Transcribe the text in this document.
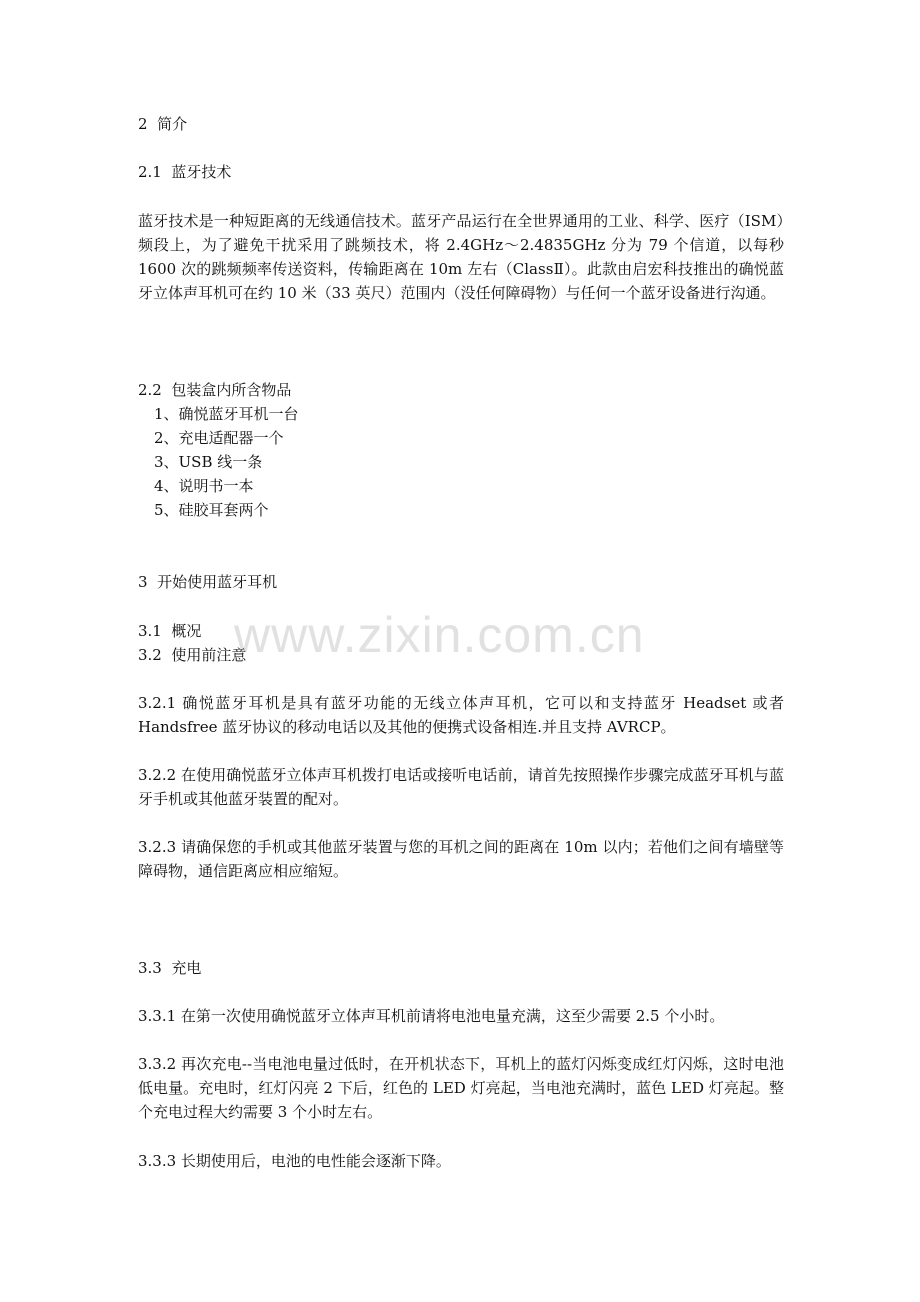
2  简介
2.1  蓝牙技术
蓝牙技术是一种短距离的无线通信技术。蓝牙产品运行在全世界通用的工业、科学、医疗（ISM）频段上，为了避免干扰采用了跳频技术，将 2.4GHz～2.4835GHz 分为 79 个信道，以每秒 1600 次的跳频频率传送资料，传输距离在 10m 左右（ClassⅡ）。此款由启宏科技推出的确悦蓝牙立体声耳机可在约 10 米（33 英尺）范围内（没任何障碍物）与任何一个蓝牙设备进行沟通。
2.2  包装盒内所含物品
1、确悦蓝牙耳机一台
2、充电适配器一个
3、USB 线一条
4、说明书一本
5、硅胶耳套两个
3  开始使用蓝牙耳机
3.1  概况
3.2  使用前注意
3.2.1 确悦蓝牙耳机是具有蓝牙功能的无线立体声耳机，它可以和支持蓝牙 Headset 或者 Handsfree 蓝牙协议的移动电话以及其他的便携式设备相连.并且支持 AVRCP。
3.2.2 在使用确悦蓝牙立体声耳机拨打电话或接听电话前，请首先按照操作步骤完成蓝牙耳机与蓝牙手机或其他蓝牙装置的配对。
3.2.3 请确保您的手机或其他蓝牙装置与您的耳机之间的距离在 10m 以内；若他们之间有墙壁等障碍物，通信距离应相应缩短。
3.3  充电
3.3.1 在第一次使用确悦蓝牙立体声耳机前请将电池电量充满，这至少需要 2.5 个小时。
3.3.2 再次充电--当电池电量过低时，在开机状态下，耳机上的蓝灯闪烁变成红灯闪烁，这时电池低电量。充电时，红灯闪亮 2 下后，红色的 LED 灯亮起，当电池充满时，蓝色 LED 灯亮起。整个充电过程大约需要 3 个小时左右。
3.3.3 长期使用后，电池的电性能会逐渐下降。
www.zixin.com.cn
